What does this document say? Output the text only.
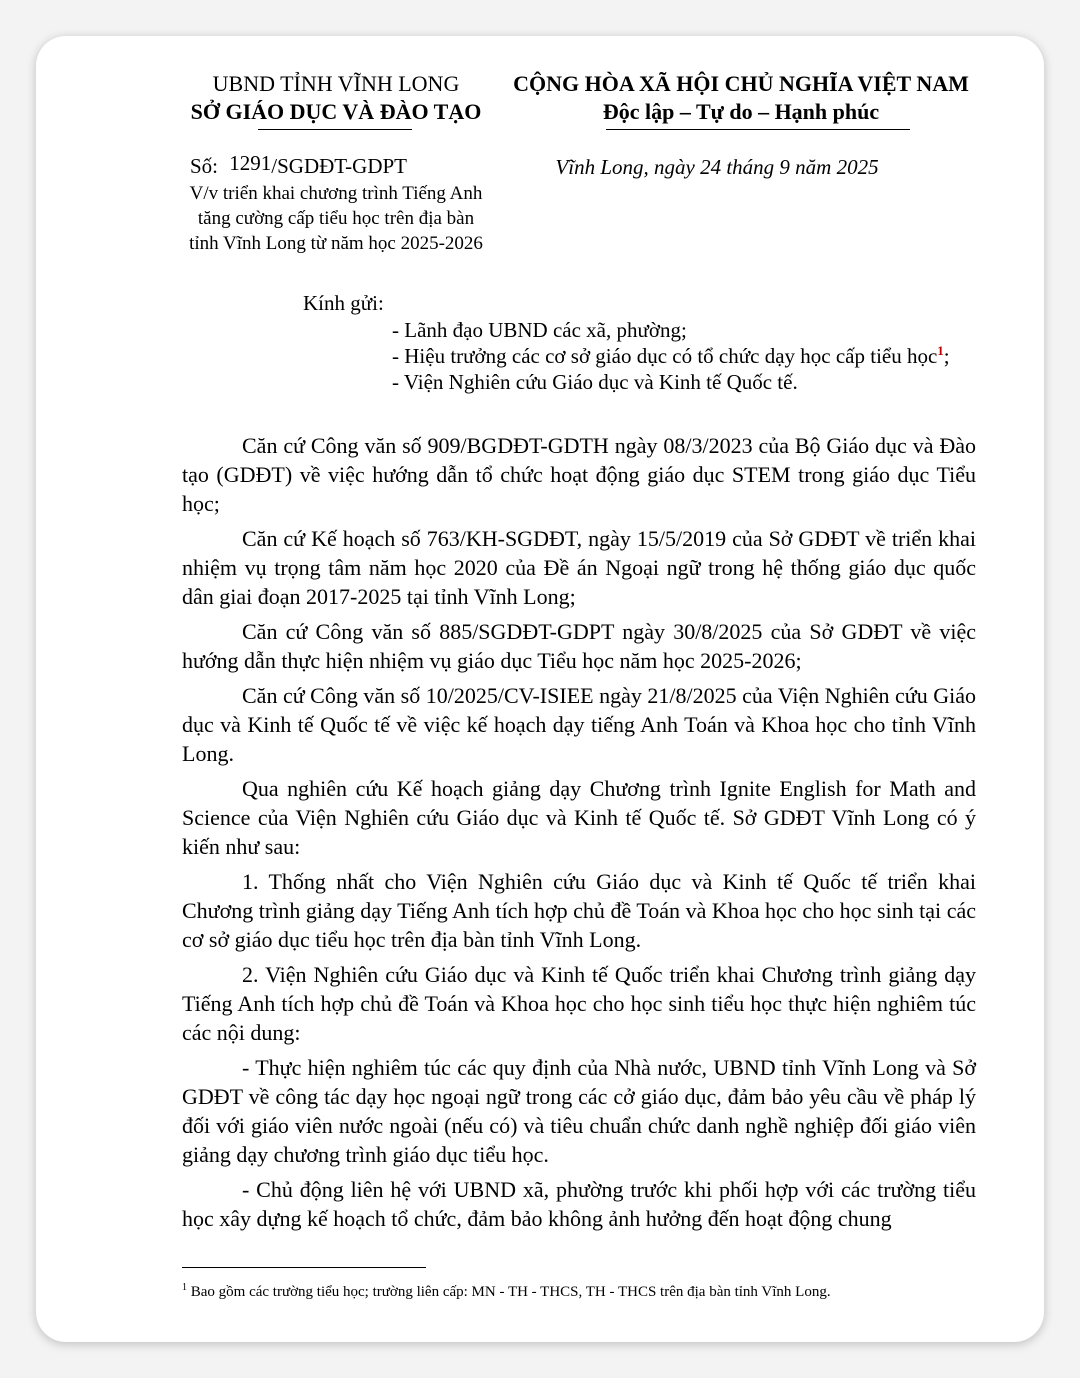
UBND TỈNH VĨNH LONG
SỞ GIÁO DỤC VÀ ĐÀO TẠO
CỘNG HÒA XÃ HỘI CHỦ NGHĨA VIỆT NAM
Độc lập – Tự do – Hạnh phúc
Số: 1291/SGDĐT-GDPT	Vĩnh Long, ngày 24 tháng 9 năm 2025
V/v triển khai chương trình Tiếng Anh
tăng cường cấp tiểu học trên địa bàn
tỉnh Vĩnh Long từ năm học 2025-2026
Kính gửi:
- Lãnh đạo UBND các xã, phường;
- Hiệu trưởng các cơ sở giáo dục có tổ chức dạy học cấp tiểu học$^1$;
- Viện Nghiên cứu Giáo dục và Kinh tế Quốc tế.

Căn cứ Công văn số 909/BGDĐT-GDTH ngày 08/3/2023 của Bộ Giáo dục và Đào tạo (GDĐT) về việc hướng dẫn tổ chức hoạt động giáo dục STEM trong giáo dục Tiểu học;

Căn cứ Kế hoạch số 763/KH-SGDĐT, ngày 15/5/2019 của Sở GDĐT về triển khai nhiệm vụ trọng tâm năm học 2020 của Đề án Ngoại ngữ trong hệ thống giáo dục quốc dân giai đoạn 2017-2025 tại tỉnh Vĩnh Long;

Căn cứ Công văn số 885/SGDĐT-GDPT ngày 30/8/2025 của Sở GDĐT về việc hướng dẫn thực hiện nhiệm vụ giáo dục Tiểu học năm học 2025-2026;

Căn cứ Công văn số 10/2025/CV-ISIEE ngày 21/8/2025 của Viện Nghiên cứu Giáo dục và Kinh tế Quốc tế về việc kế hoạch dạy tiếng Anh Toán và Khoa học cho tỉnh Vĩnh Long.

Qua nghiên cứu Kế hoạch giảng dạy Chương trình Ignite English for Math and Science của Viện Nghiên cứu Giáo dục và Kinh tế Quốc tế. Sở GDĐT Vĩnh Long có ý kiến như sau:

1. Thống nhất cho Viện Nghiên cứu Giáo dục và Kinh tế Quốc tế triển khai Chương trình giảng dạy Tiếng Anh tích hợp chủ đề Toán và Khoa học cho học sinh tại các cơ sở giáo dục tiểu học trên địa bàn tỉnh Vĩnh Long.

2. Viện Nghiên cứu Giáo dục và Kinh tế Quốc triển khai Chương trình giảng dạy Tiếng Anh tích hợp chủ đề Toán và Khoa học cho học sinh tiểu học thực hiện nghiêm túc các nội dung:

- Thực hiện nghiêm túc các quy định của Nhà nước, UBND tỉnh Vĩnh Long và Sở GDĐT về công tác dạy học ngoại ngữ trong các cở giáo dục, đảm bảo yêu cầu về pháp lý đối với giáo viên nước ngoài (nếu có) và tiêu chuẩn chức danh nghề nghiệp đối giáo viên giảng dạy chương trình giáo dục tiểu học.

- Chủ động liên hệ với UBND xã, phường trước khi phối hợp với các trường tiểu học xây dựng kế hoạch tổ chức, đảm bảo không ảnh hưởng đến hoạt động chung

$^1$ Bao gồm các trường tiểu học; trường liên cấp: MN - TH - THCS, TH - THCS trên địa bàn tỉnh Vĩnh Long.
